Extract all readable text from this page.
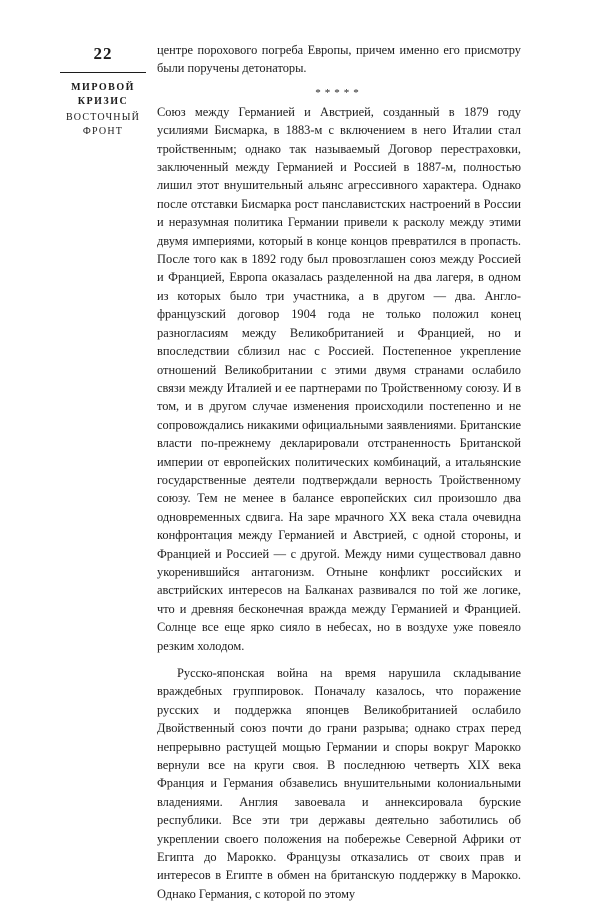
22
МИРОВОЙ КРИЗИС
ВОСТОЧНЫЙ ФРОНТ

центре порохового погреба Европы, причем именно его присмотру были поручены детонаторы.

*****

Союз между Германией и Австрией, созданный в 1879 году усилиями Бисмарка, в 1883-м с включением в него Италии стал тройственным; однако так называемый Договор перестраховки, заключенный между Германией и Россией в 1887-м, полностью лишил этот внушительный альянс агрессивного характера. Однако после отставки Бисмарка рост панславистских настроений в России и неразумная политика Германии привели к расколу между этими двумя империями, который в конце концов превратился в пропасть. После того как в 1892 году был провозглашен союз между Россией и Францией, Европа оказалась разделенной на два лагеря, в одном из которых было три участника, а в другом — два. Англо-французский договор 1904 года не только положил конец разногласиям между Великобританией и Францией, но и впоследствии сблизил нас с Россией. Постепенное укрепление отношений Великобритании с этими двумя странами ослабило связи между Италией и ее партнерами по Тройственному союзу. И в том, и в другом случае изменения происходили постепенно и не сопровождались никакими официальными заявлениями. Британские власти по-прежнему декларировали отстраненность Британской империи от европейских политических комбинаций, а итальянские государственные деятели подтверждали верность Тройственному союзу. Тем не менее в балансе европейских сил произошло два одновременных сдвига. На заре мрачного XX века стала очевидна конфронтация между Германией и Австрией, с одной стороны, и Францией и Россией — с другой. Между ними существовал давно укоренившийся антагонизм. Отныне конфликт российских и австрийских интересов на Балканах развивался по той же логике, что и древняя бесконечная вражда между Германией и Францией. Солнце все еще ярко сияло в небесах, но в воздухе уже повеяло резким холодом.

Русско-японская война на время нарушила складывание враждебных группировок. Поначалу казалось, что поражение русских и поддержка японцев Великобританией ослабило Двойственный союз почти до грани разрыва; однако страх перед непрерывно растущей мощью Германии и споры вокруг Марокко вернули все на круги своя. В последнюю четверть XIX века Франция и Германия обзавелись внушительными колониальными владениями. Англия завоевала и аннексировала бурские республики. Все эти три державы деятельно заботились об укреплении своего положения на побережье Северной Африки от Египта до Марокко. Французы отказались от своих прав и интересов в Египте в обмен на британскую поддержку в Марокко. Однако Германия, с которой по этому
